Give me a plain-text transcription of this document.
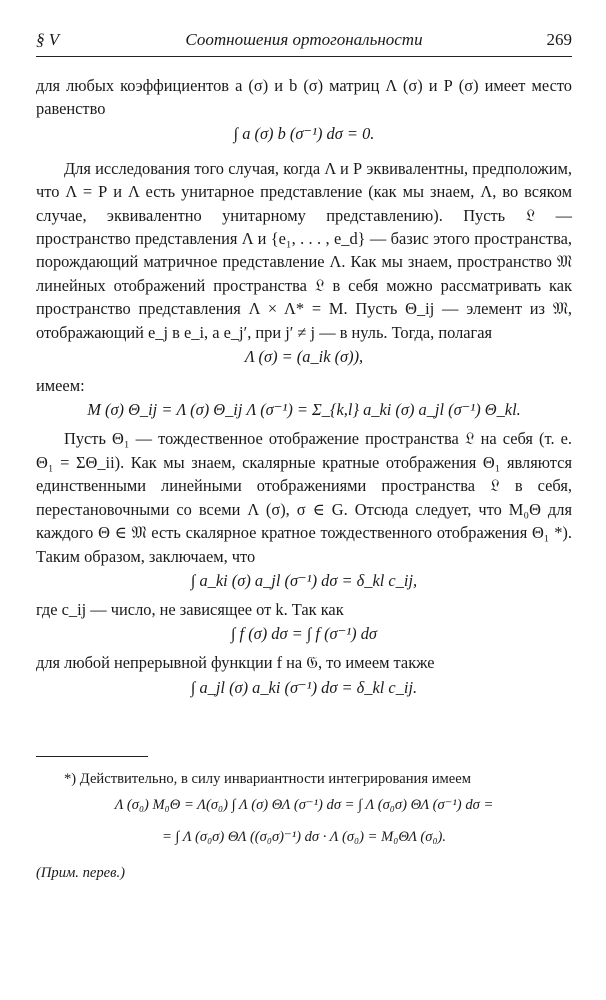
§ V	Соотношения ортогональности	269

для любых коэффициентов a (σ) и b (σ) матриц Λ (σ) и Ρ (σ) имеет место равенство

∫ a (σ) b (σ⁻¹) dσ = 0.

Для исследования того случая, когда Λ и Ρ эквивалентны, предположим, что Λ = Ρ и Λ есть унитарное представление (как мы знаем, Λ, во всяком случае, эквивалентно унитарному представлению). Пусть 𝔏 — пространство представления Λ и {e₁, . . . , e_d} — базис этого пространства, порождающий матричное представление Λ. Как мы знаем, пространство 𝔐 линейных отображений пространства 𝔏 в себя можно рассматривать как пространство представления Λ × Λ* = Μ. Пусть Θ_ij — элемент из 𝔐, отображающий e_j в e_i, а e_j′, при j′ ≠ j — в нуль. Тогда, полагая

Λ (σ) = (a_ik (σ)),

имеем:

Μ (σ) Θ_ij = Λ (σ) Θ_ij Λ (σ⁻¹) = Σ_{k,l} a_ki (σ) a_jl (σ⁻¹) Θ_kl.

Пусть Θ₁ — тождественное отображение пространства 𝔏 на себя (т. е. Θ₁ = ΣΘ_ii). Как мы знаем, скалярные кратные отображения Θ₁ являются единственными линейными отображениями пространства 𝔏 в себя, перестановочными со всеми Λ (σ), σ ∈ G. Отсюда следует, что Μ₀Θ для каждого Θ ∈ 𝔐 есть скалярное кратное тождественного отображения Θ₁ *). Таким образом, заключаем, что

∫ a_ki (σ) a_jl (σ⁻¹) dσ = δ_kl c_ij,

где c_ij — число, не зависящее от k. Так как

∫ f (σ) dσ = ∫ f (σ⁻¹) dσ

для любой непрерывной функции f на 𝔊, то имеем также

∫ a_jl (σ) a_ki (σ⁻¹) dσ = δ_kl c_ij.

*) Действительно, в силу инвариантности интегрирования имеем

Λ (σ₀) Μ₀Θ = Λ(σ₀) ∫ Λ (σ) ΘΛ (σ⁻¹) dσ = ∫ Λ (σ₀σ) ΘΛ (σ⁻¹) dσ =
= ∫ Λ (σ₀σ) ΘΛ ((σ₀σ)⁻¹) dσ · Λ (σ₀) = Μ₀ΘΛ (σ₀).

(Прим. перев.)
